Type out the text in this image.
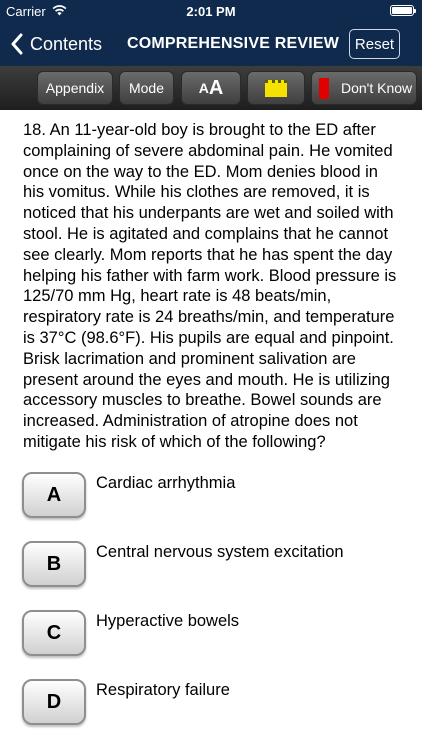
Carrier	2:01 PM
Contents COMPREHENSIVE REVIEW	Reset
Appendix	Mode	A A	Don't Know
18. An 11-year-old boy is brought to the ED after complaining of severe abdominal pain. He vomited once on the way to the ED. Mom denies blood in his vomitus. While his clothes are removed, it is noticed that his underpants are wet and soiled with stool. He is agitated and complains that he cannot see clearly. Mom reports that he has spent the day helping his father with farm work. Blood pressure is 125/70 mm Hg, heart rate is 48 beats/min, respiratory rate is 24 breaths/min, and temperature is 37°C (98.6°F). His pupils are equal and pinpoint. Brisk lacrimation and prominent salivation are present around the eyes and mouth. He is utilizing accessory muscles to breathe. Bowel sounds are increased. Administration of atropine does not mitigate his risk of which of the following?
A
Cardiac arrhythmia
B
Central nervous system excitation
C
Hyperactive bowels
D
Respiratory failure
